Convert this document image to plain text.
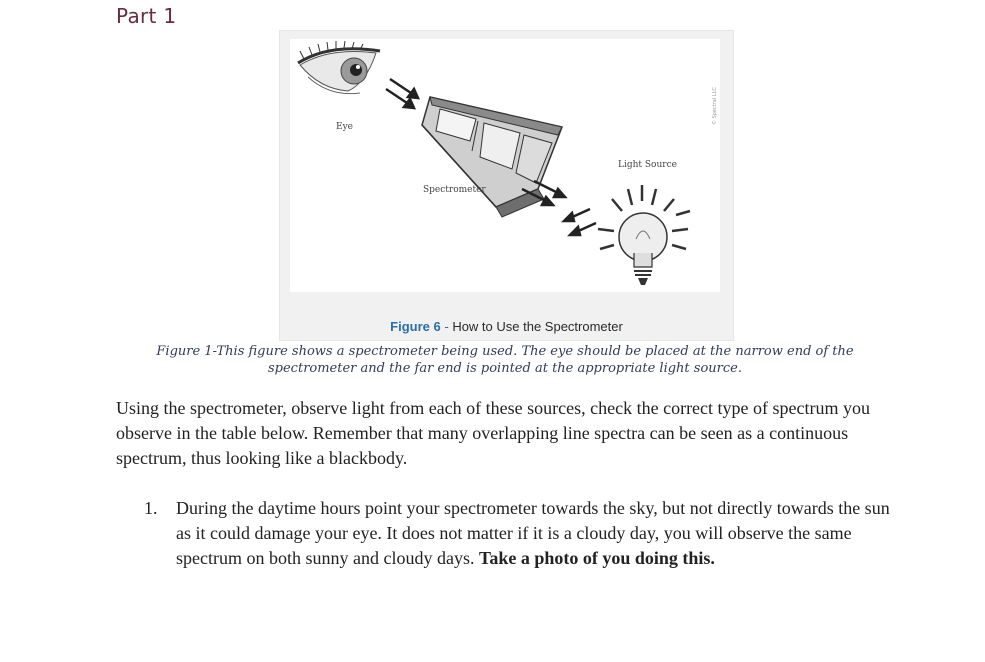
Part 1
Eye
Spectrometer
Light Source
© Spectral LLC
Figure 6 - How to Use the Spectrometer
Figure 1-This figure shows a spectrometer being used. The eye should be placed at the narrow end of the spectrometer and the far end is pointed at the appropriate light source.
Using the spectrometer, observe light from each of these sources, check the correct type of spectrum you observe in the table below. Remember that many overlapping line spectra can be seen as a continuous spectrum, thus looking like a blackbody.
1. During the daytime hours point your spectrometer towards the sky, but not directly towards the sun as it could damage your eye. It does not matter if it is a cloudy day, you will observe the same spectrum on both sunny and cloudy days. Take a photo of you doing this.
